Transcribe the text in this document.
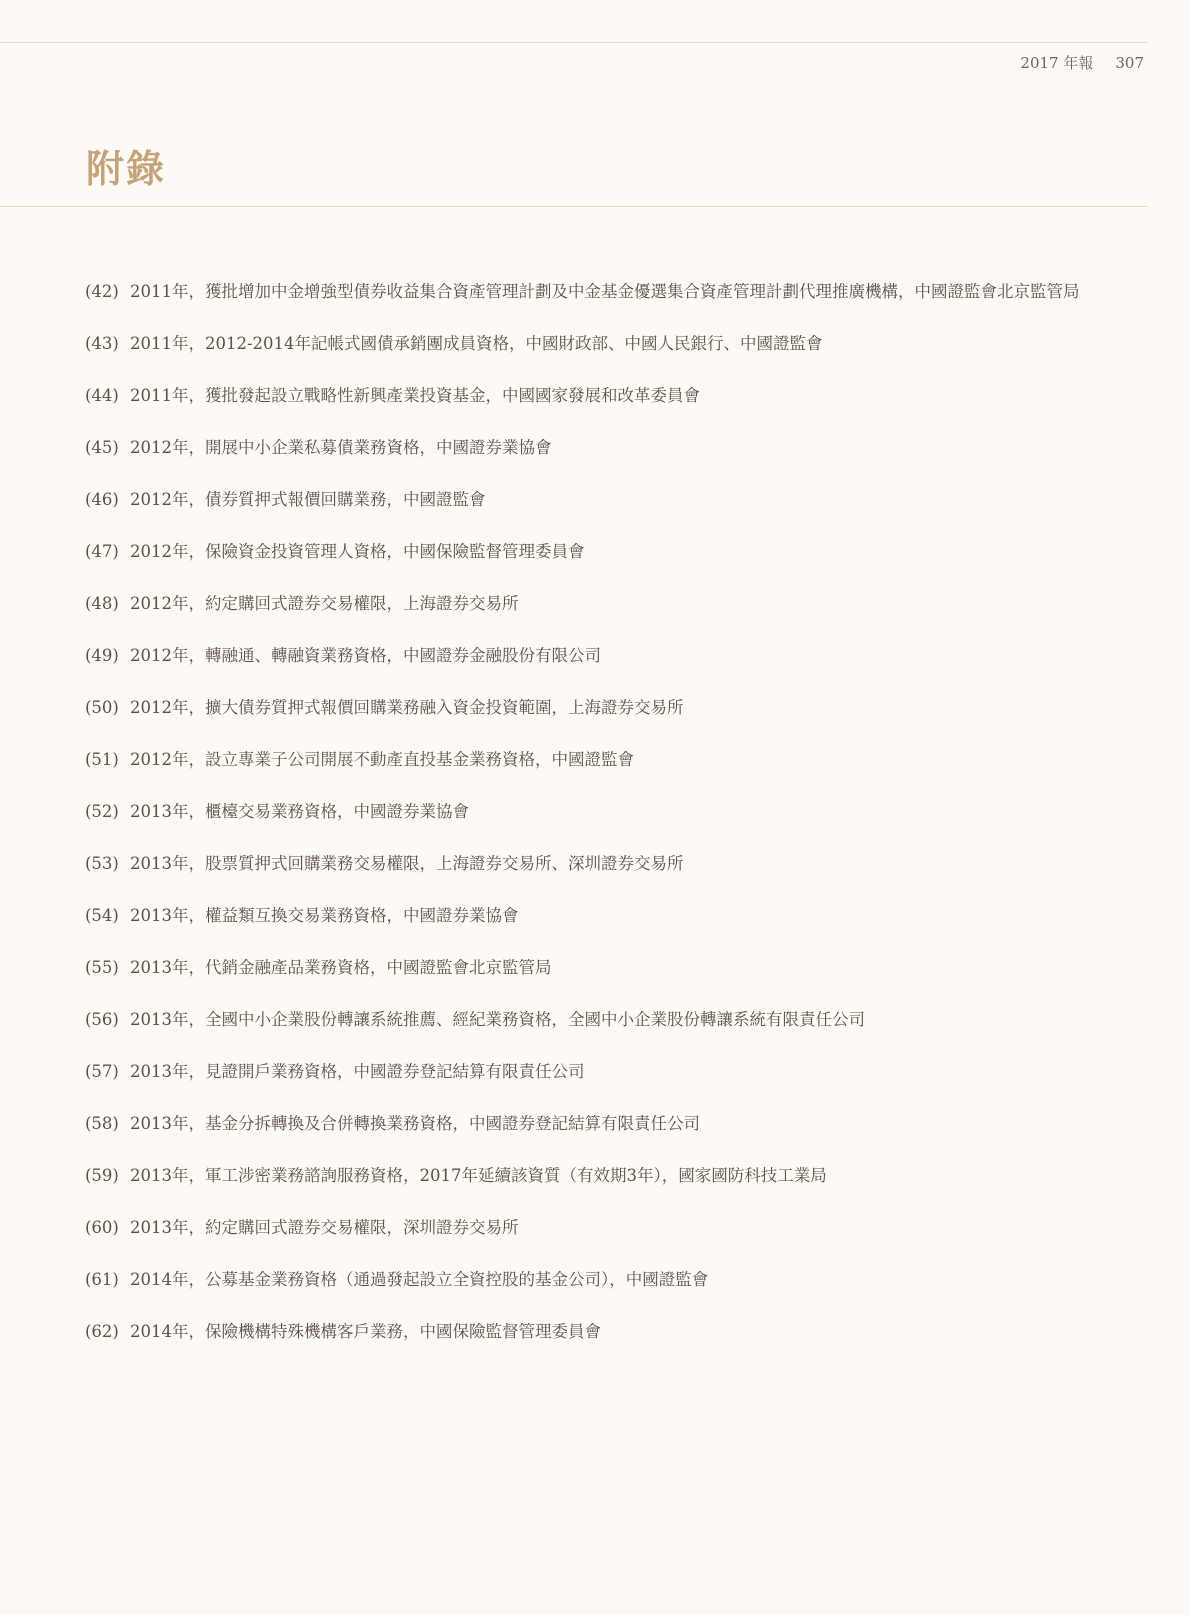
2017 年報 307
附錄
(42) 2011年，獲批增加中金增強型債券收益集合資產管理計劃及中金基金優選集合資產管理計劃代理推廣機構，中國證監會北京監管局
(43) 2011年，2012-2014年記帳式國債承銷團成員資格，中國財政部、中國人民銀行、中國證監會
(44) 2011年，獲批發起設立戰略性新興產業投資基金，中國國家發展和改革委員會
(45) 2012年，開展中小企業私募債業務資格，中國證券業協會
(46) 2012年，債券質押式報價回購業務，中國證監會
(47) 2012年，保險資金投資管理人資格，中國保險監督管理委員會
(48) 2012年，約定購回式證券交易權限，上海證券交易所
(49) 2012年，轉融通、轉融資業務資格，中國證券金融股份有限公司
(50) 2012年，擴大債券質押式報價回購業務融入資金投資範圍，上海證券交易所
(51) 2012年，設立專業子公司開展不動產直投基金業務資格，中國證監會
(52) 2013年，櫃檯交易業務資格，中國證券業協會
(53) 2013年，股票質押式回購業務交易權限，上海證券交易所、深圳證券交易所
(54) 2013年，權益類互換交易業務資格，中國證券業協會
(55) 2013年，代銷金融產品業務資格，中國證監會北京監管局
(56) 2013年，全國中小企業股份轉讓系統推薦、經紀業務資格，全國中小企業股份轉讓系統有限責任公司
(57) 2013年，見證開戶業務資格，中國證券登記結算有限責任公司
(58) 2013年，基金分拆轉換及合併轉換業務資格，中國證券登記結算有限責任公司
(59) 2013年，軍工涉密業務諮詢服務資格，2017年延續該資質（有效期3年），國家國防科技工業局
(60) 2013年，約定購回式證券交易權限，深圳證券交易所
(61) 2014年，公募基金業務資格（通過發起設立全資控股的基金公司），中國證監會
(62) 2014年，保險機構特殊機構客戶業務，中國保險監督管理委員會
